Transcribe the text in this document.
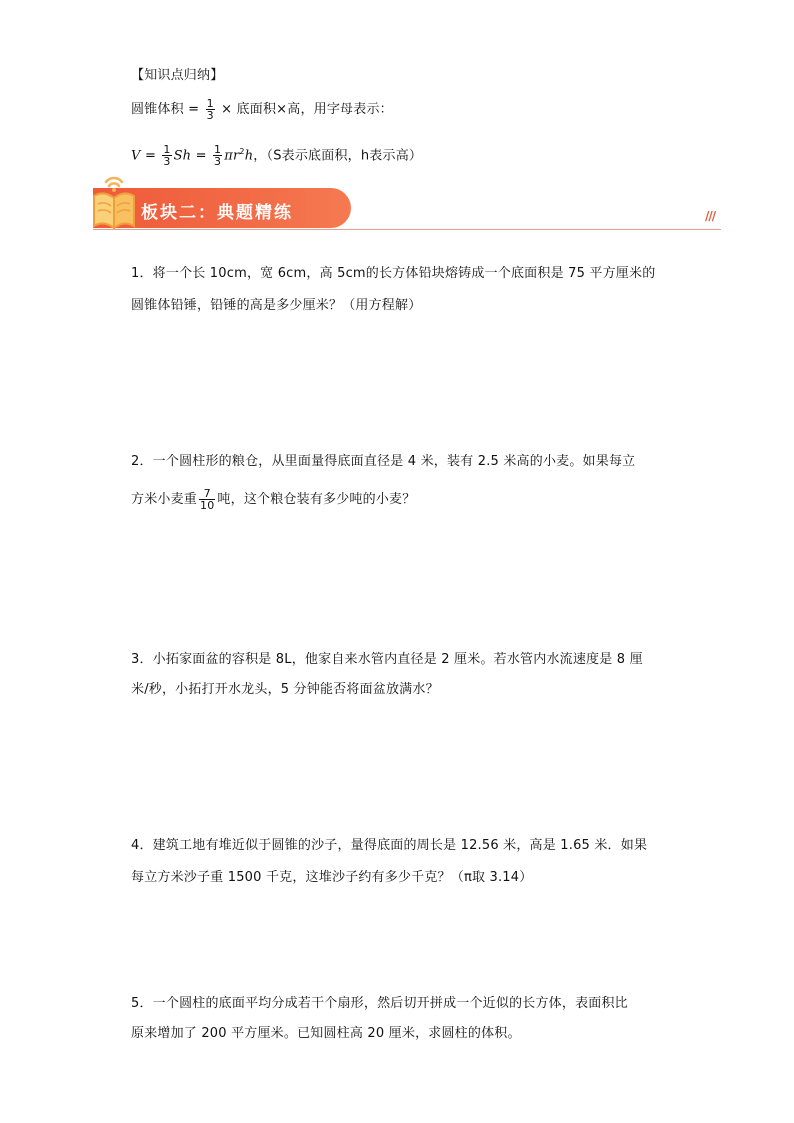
【知识点归纳】
圆锥体积 = $\frac{1}{3}$ × 底面积×高，用字母表示：
$V = \frac{1}{3}$ $Sh = \frac{1}{3} \pi r^2h$，（S表示底面积，h表示高）
板块二：典题精练	///
1．将一个长 10cm，宽 6cm，高 5cm的长方体铅块熔铸成一个底面积是 75 平方厘米的
圆锥体铅锤，铅锤的高是多少厘米？（用方程解）
2．一个圆柱形的粮仓，从里面量得底面直径是 4 米，装有 2.5 米高的小麦。如果每立
方米小麦重 $\frac{7}{10}$ 吨，这个粮仓装有多少吨的小麦？
3．小拓家面盆的容积是 8L，他家自来水管内直径是 2 厘米。若水管内水流速度是 8 厘
米/秒，小拓打开水龙头，5 分钟能否将面盆放满水？
4．建筑工地有堆近似于圆锥的沙子，量得底面的周长是 12.56 米，高是 1.65 米．如果
每立方米沙子重 1500 千克，这堆沙子约有多少千克？（π取 3.14）
5．一个圆柱的底面平均分成若干个扇形，然后切开拼成一个近似的长方体，表面积比
原来增加了 200 平方厘米。已知圆柱高 20 厘米，求圆柱的体积。
